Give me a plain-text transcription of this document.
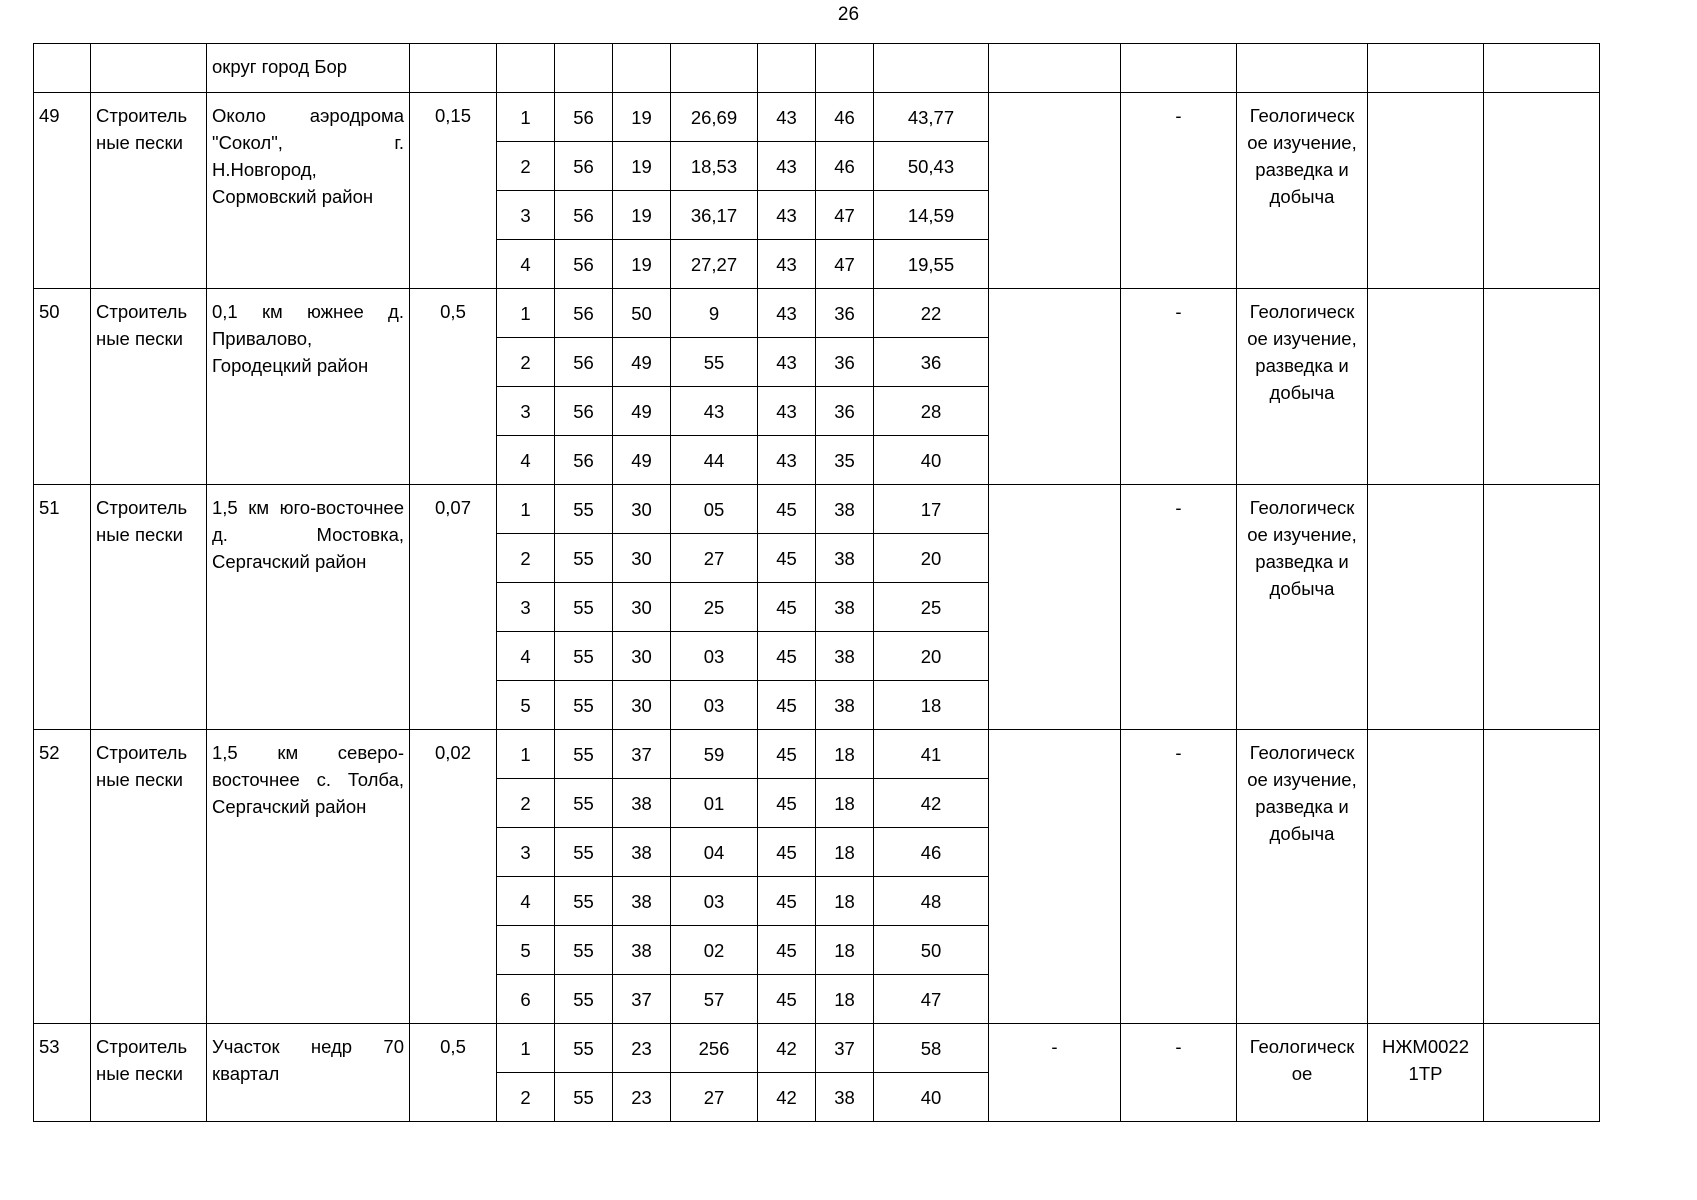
26
		округ город Бор													
49	Строитель ные пески	Около аэродрома "Сокол", г. Н.Новгород, Сормовский район	0,15	1	56	19	26,69	43	46	43,77		-	Геологическ ое изучение, разведка и добыча		
				2	56	19	18,53	43	46	50,43					
				3	56	19	36,17	43	47	14,59					
				4	56	19	27,27	43	47	19,55					
50	Строитель ные пески	0,1 км южнее д. Привалово, Городецкий район	0,5	1	56	50	9	43	36	22		-	Геологическ ое изучение, разведка и добыча		
				2	56	49	55	43	36	36					
				3	56	49	43	43	36	28					
				4	56	49	44	43	35	40					
51	Строитель ные пески	1,5 км юго-восточнее д. Мостовка, Сергачский район	0,07	1	55	30	05	45	38	17		-	Геологическ ое изучение, разведка и добыча		
				2	55	30	27	45	38	20					
				3	55	30	25	45	38	25					
				4	55	30	03	45	38	20					
				5	55	30	03	45	38	18					
52	Строитель ные пески	1,5 км северо-восточнее с. Толба, Сергачский район	0,02	1	55	37	59	45	18	41		-	Геологическ ое изучение, разведка и добыча		
				2	55	38	01	45	18	42					
				3	55	38	04	45	18	46					
				4	55	38	03	45	18	48					
				5	55	38	02	45	18	50					
				6	55	37	57	45	18	47					
53	Строитель ные пески	Участок недр 70 квартал	0,5	1	55	23	256	42	37	58	-	-	Геологическ ое	НЖМ0022 1ТР	
				2	55	23	27	42	38	40					
